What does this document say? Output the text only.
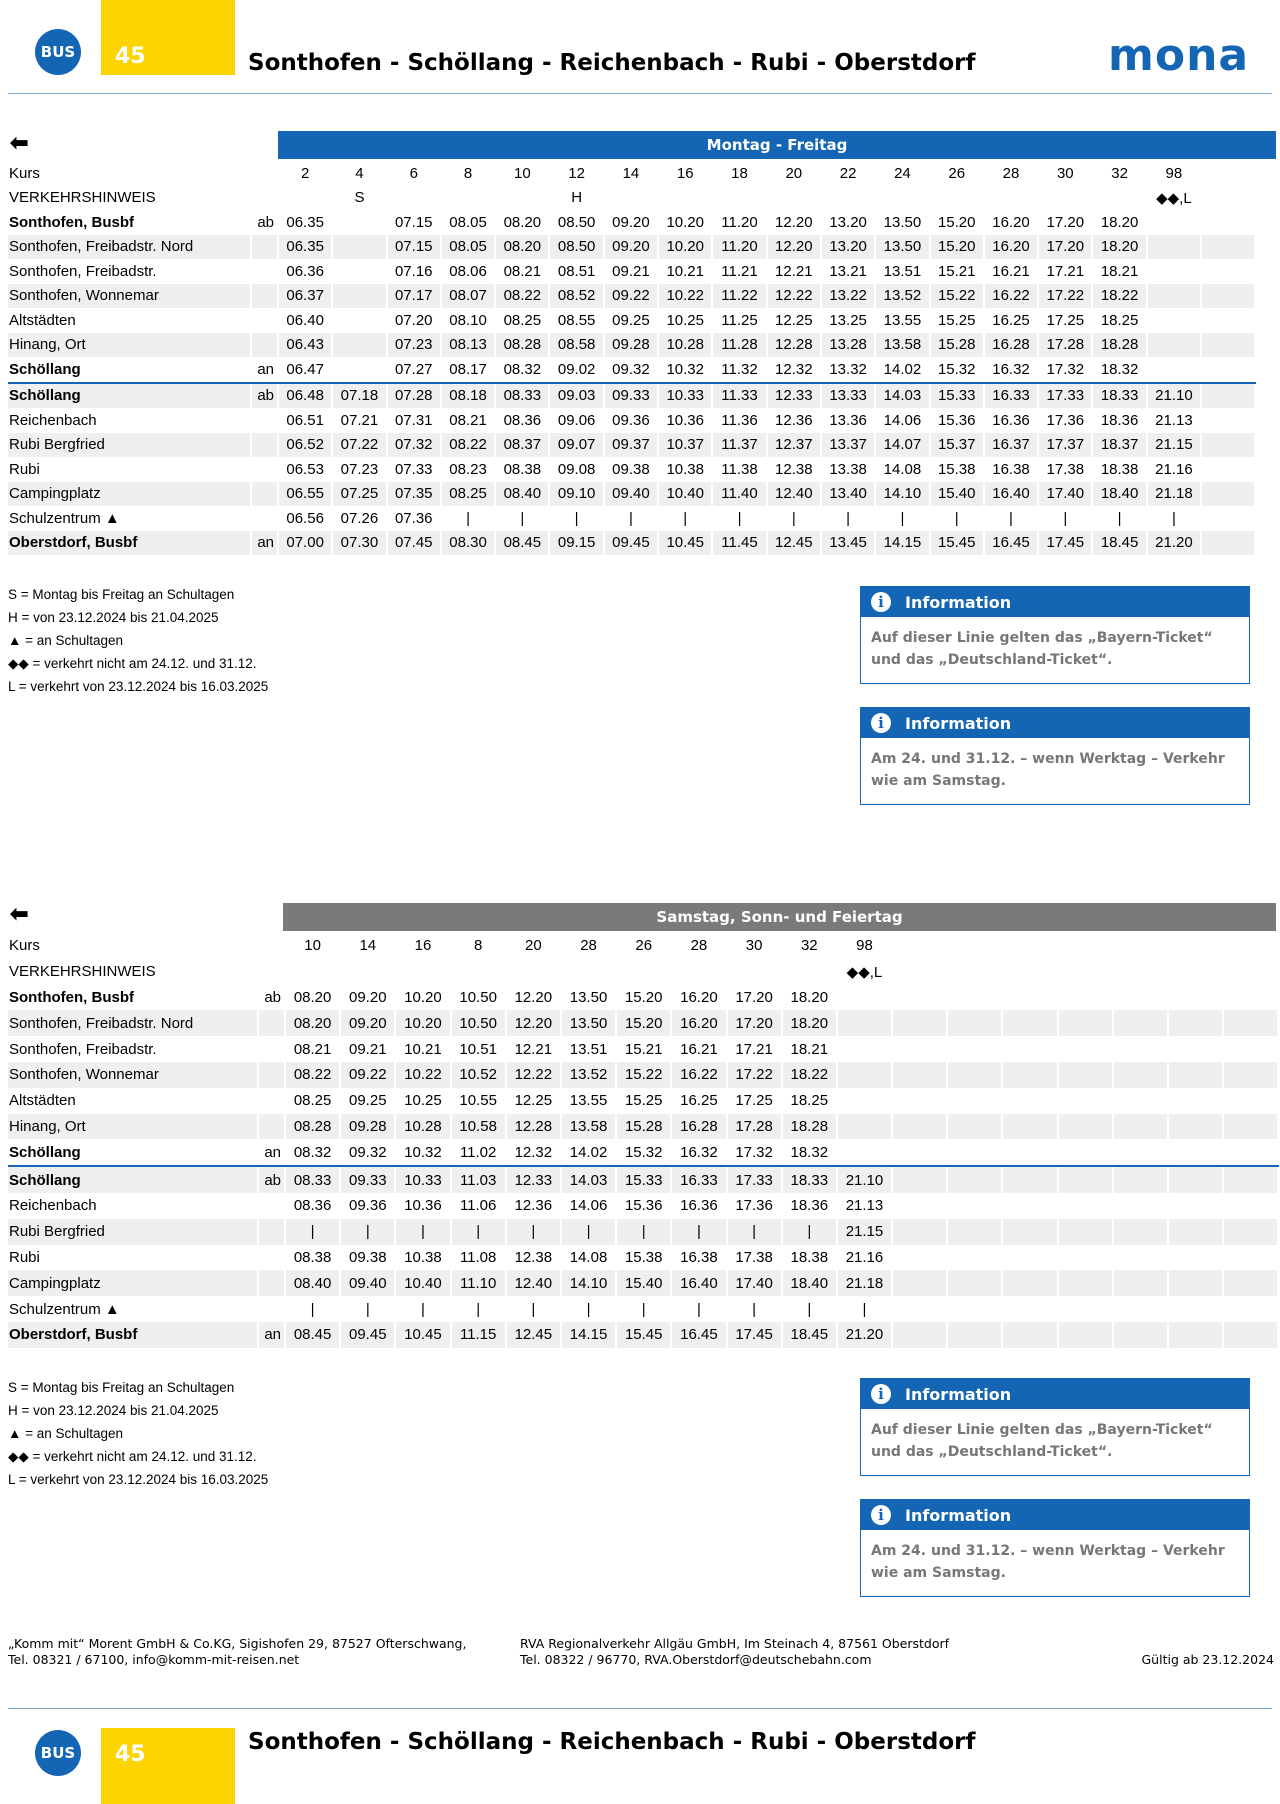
BUS	45	Sonthofen - Schöllang - Reichenbach - Rubi - Oberstdorf	mona
⬅	Montag - Freitag
Kurs		2	4	6	8	10	12	14	16	18	20	22	24	26	28	30	32	98	
VERKEHRSHINWEIS			S				H											◆◆,L	
Sonthofen, Busbf	ab	06.35		07.15	08.05	08.20	08.50	09.20	10.20	11.20	12.20	13.20	13.50	15.20	16.20	17.20	18.20		
Sonthofen, Freibadstr. Nord		06.35		07.15	08.05	08.20	08.50	09.20	10.20	11.20	12.20	13.20	13.50	15.20	16.20	17.20	18.20		
Sonthofen, Freibadstr.		06.36		07.16	08.06	08.21	08.51	09.21	10.21	11.21	12.21	13.21	13.51	15.21	16.21	17.21	18.21		
Sonthofen, Wonnemar		06.37		07.17	08.07	08.22	08.52	09.22	10.22	11.22	12.22	13.22	13.52	15.22	16.22	17.22	18.22		
Altstädten		06.40		07.20	08.10	08.25	08.55	09.25	10.25	11.25	12.25	13.25	13.55	15.25	16.25	17.25	18.25		
Hinang, Ort		06.43		07.23	08.13	08.28	08.58	09.28	10.28	11.28	12.28	13.28	13.58	15.28	16.28	17.28	18.28		
Schöllang	an	06.47		07.27	08.17	08.32	09.02	09.32	10.32	11.32	12.32	13.32	14.02	15.32	16.32	17.32	18.32		
Schöllang	ab	06.48	07.18	07.28	08.18	08.33	09.03	09.33	10.33	11.33	12.33	13.33	14.03	15.33	16.33	17.33	18.33	21.10	
Reichenbach		06.51	07.21	07.31	08.21	08.36	09.06	09.36	10.36	11.36	12.36	13.36	14.06	15.36	16.36	17.36	18.36	21.13	
Rubi Bergfried		06.52	07.22	07.32	08.22	08.37	09.07	09.37	10.37	11.37	12.37	13.37	14.07	15.37	16.37	17.37	18.37	21.15	
Rubi		06.53	07.23	07.33	08.23	08.38	09.08	09.38	10.38	11.38	12.38	13.38	14.08	15.38	16.38	17.38	18.38	21.16	
Campingplatz		06.55	07.25	07.35	08.25	08.40	09.10	09.40	10.40	11.40	12.40	13.40	14.10	15.40	16.40	17.40	18.40	21.18	
Schulzentrum ▲		06.56	07.26	07.36	|	|	|	|	|	|	|	|	|	|	|	|	|	|	
Oberstdorf, Busbf	an	07.00	07.30	07.45	08.30	08.45	09.15	09.45	10.45	11.45	12.45	13.45	14.15	15.45	16.45	17.45	18.45	21.20	
S = Montag bis Freitag an Schultagen
H = von 23.12.2024 bis 21.04.2025
▲ = an Schultagen
◆◆ = verkehrt nicht am 24.12. und 31.12.
L = verkehrt von 23.12.2024 bis 16.03.2025
i	Information
Auf dieser Linie gelten das „Bayern-Ticket“ und das „Deutschland-Ticket“.
i	Information
Am 24. und 31.12. – wenn Werktag – Verkehr wie am Samstag.
⬅	Samstag, Sonn- und Feiertag
Kurs		10	14	16	8	20	28	26	28	30	32	98							
VERKEHRSHINWEIS												◆◆,L							
Sonthofen, Busbf	ab	08.20	09.20	10.20	10.50	12.20	13.50	15.20	16.20	17.20	18.20								
Sonthofen, Freibadstr. Nord		08.20	09.20	10.20	10.50	12.20	13.50	15.20	16.20	17.20	18.20								
Sonthofen, Freibadstr.		08.21	09.21	10.21	10.51	12.21	13.51	15.21	16.21	17.21	18.21								
Sonthofen, Wonnemar		08.22	09.22	10.22	10.52	12.22	13.52	15.22	16.22	17.22	18.22								
Altstädten		08.25	09.25	10.25	10.55	12.25	13.55	15.25	16.25	17.25	18.25								
Hinang, Ort		08.28	09.28	10.28	10.58	12.28	13.58	15.28	16.28	17.28	18.28								
Schöllang	an	08.32	09.32	10.32	11.02	12.32	14.02	15.32	16.32	17.32	18.32								
Schöllang	ab	08.33	09.33	10.33	11.03	12.33	14.03	15.33	16.33	17.33	18.33	21.10							
Reichenbach		08.36	09.36	10.36	11.06	12.36	14.06	15.36	16.36	17.36	18.36	21.13							
Rubi Bergfried		|	|	|	|	|	|	|	|	|	|	21.15							
Rubi		08.38	09.38	10.38	11.08	12.38	14.08	15.38	16.38	17.38	18.38	21.16							
Campingplatz		08.40	09.40	10.40	11.10	12.40	14.10	15.40	16.40	17.40	18.40	21.18							
Schulzentrum ▲		|	|	|	|	|	|	|	|	|	|	|							
Oberstdorf, Busbf	an	08.45	09.45	10.45	11.15	12.45	14.15	15.45	16.45	17.45	18.45	21.20							
S = Montag bis Freitag an Schultagen
H = von 23.12.2024 bis 21.04.2025
▲ = an Schultagen
◆◆ = verkehrt nicht am 24.12. und 31.12.
L = verkehrt von 23.12.2024 bis 16.03.2025
i	Information
Auf dieser Linie gelten das „Bayern-Ticket“ und das „Deutschland-Ticket“.
i	Information
Am 24. und 31.12. – wenn Werktag – Verkehr wie am Samstag.
„Komm mit“ Morent GmbH & Co.KG, Sigishofen 29, 87527 Ofterschwang,
Tel. 08321 / 67100, info@komm-mit-reisen.net
RVA Regionalverkehr Allgäu GmbH, Im Steinach 4, 87561 Oberstdorf
Tel. 08322 / 96770, RVA.Oberstdorf@deutschebahn.com	Gültig ab 23.12.2024
BUS	45	Sonthofen - Schöllang - Reichenbach - Rubi - Oberstdorf
